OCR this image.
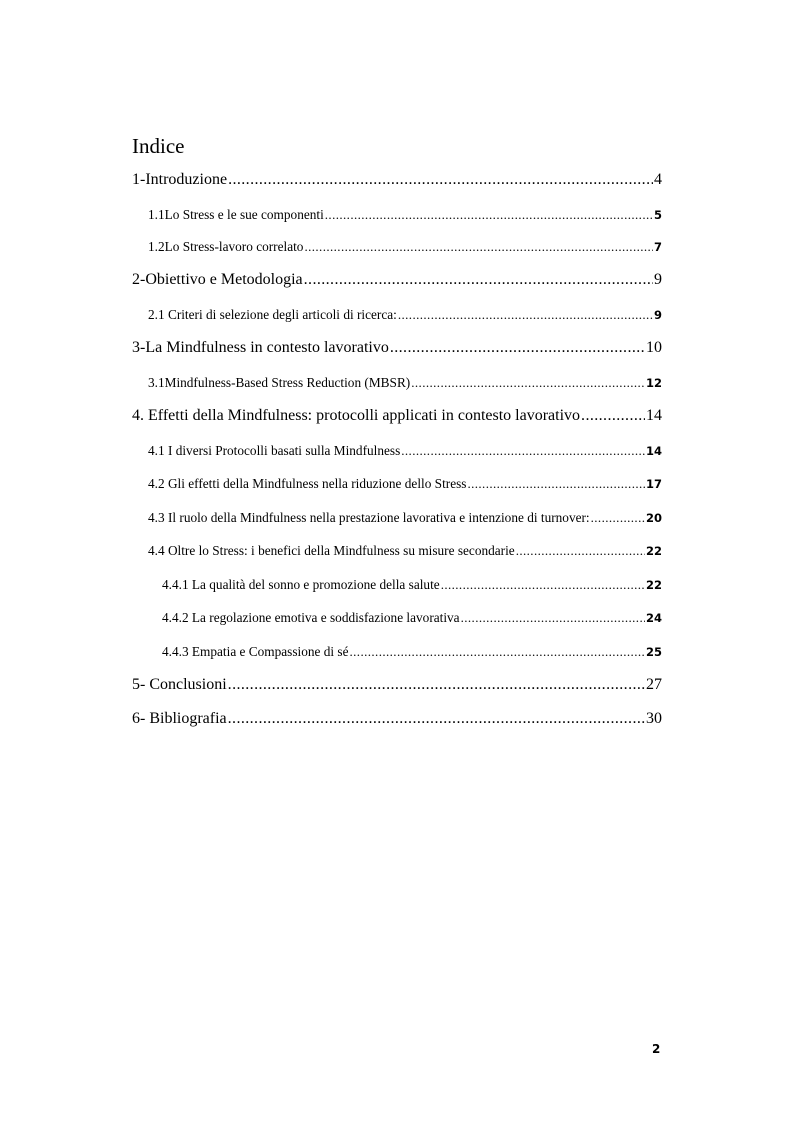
Indice
1-Introduzione .....	4
1.1Lo Stress e le sue componenti .....	5
1.2Lo Stress-lavoro correlato .....	7
2-Obiettivo e Metodologia .....	9
2.1 Criteri di selezione degli articoli di ricerca: .....	9
3-La Mindfulness in contesto lavorativo .....	10
3.1Mindfulness-Based Stress Reduction (MBSR) .....	12
4. Effetti della Mindfulness: protocolli applicati in contesto lavorativo .....	14
4.1 I diversi Protocolli basati sulla Mindfulness .....	14
4.2 Gli effetti della Mindfulness nella riduzione dello Stress .....	17
4.3 Il ruolo della Mindfulness nella prestazione lavorativa e intenzione di turnover: .....	20
4.4 Oltre lo Stress: i benefici della Mindfulness su misure secondarie .....	22
4.4.1 La qualità del sonno e promozione della salute .....	22
4.4.2 La regolazione emotiva e soddisfazione lavorativa .....	24
4.4.3 Empatia e Compassione di sé .....	25
5- Conclusioni .....	27
6- Bibliografia .....	30
2
